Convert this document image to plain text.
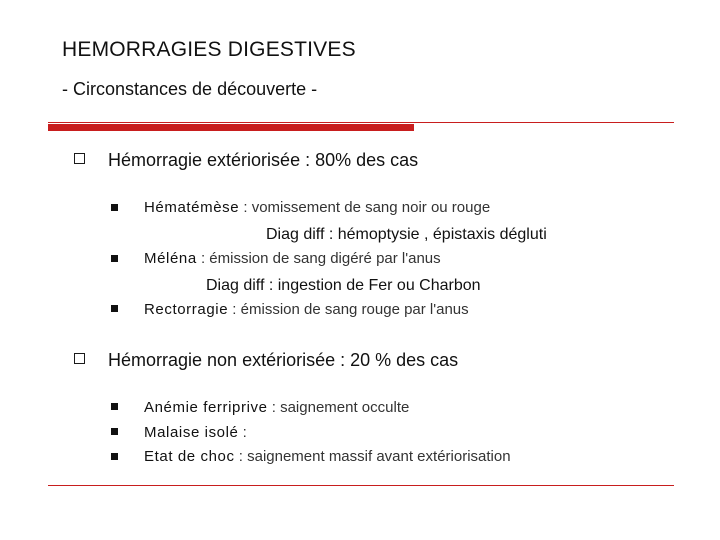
HEMORRAGIES DIGESTIVES
- Circonstances de découverte -
Hémorragie extériorisée : 80% des cas
Hématémèse : vomissement de sang noir ou rouge
Diag diff : hémoptysie , épistaxis dégluti
Méléna : émission de sang digéré par l'anus
Diag diff : ingestion de Fer ou Charbon
Rectorragie : émission de sang rouge par l'anus
Hémorragie non extériorisée : 20 % des cas
Anémie ferriprive : saignement occulte
Malaise isolé :
Etat de choc : saignement massif avant extériorisation
